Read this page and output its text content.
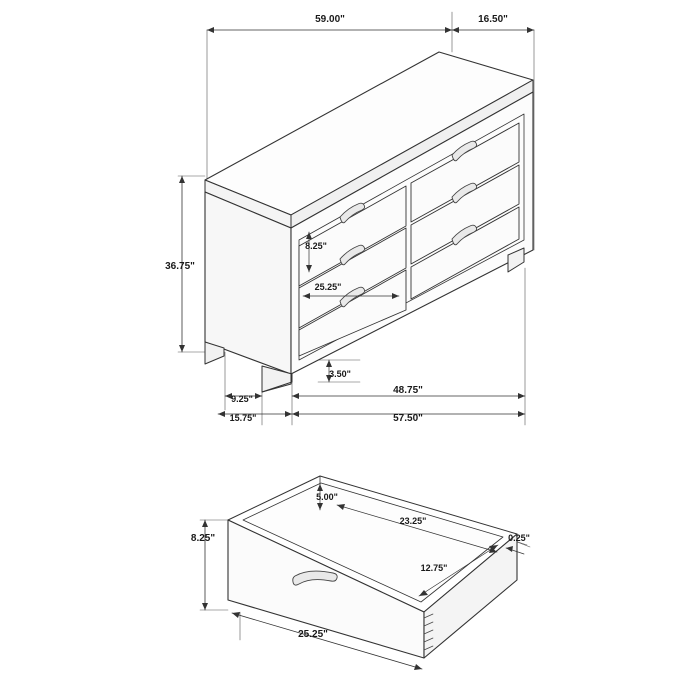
59.00"	16.50"
36.75"
8.25"
25.25"
3.50"
9.25"
15.75"
48.75"
57.50"
5.00"
23.25"
0.25"
12.75"
8.25"
25.25"
